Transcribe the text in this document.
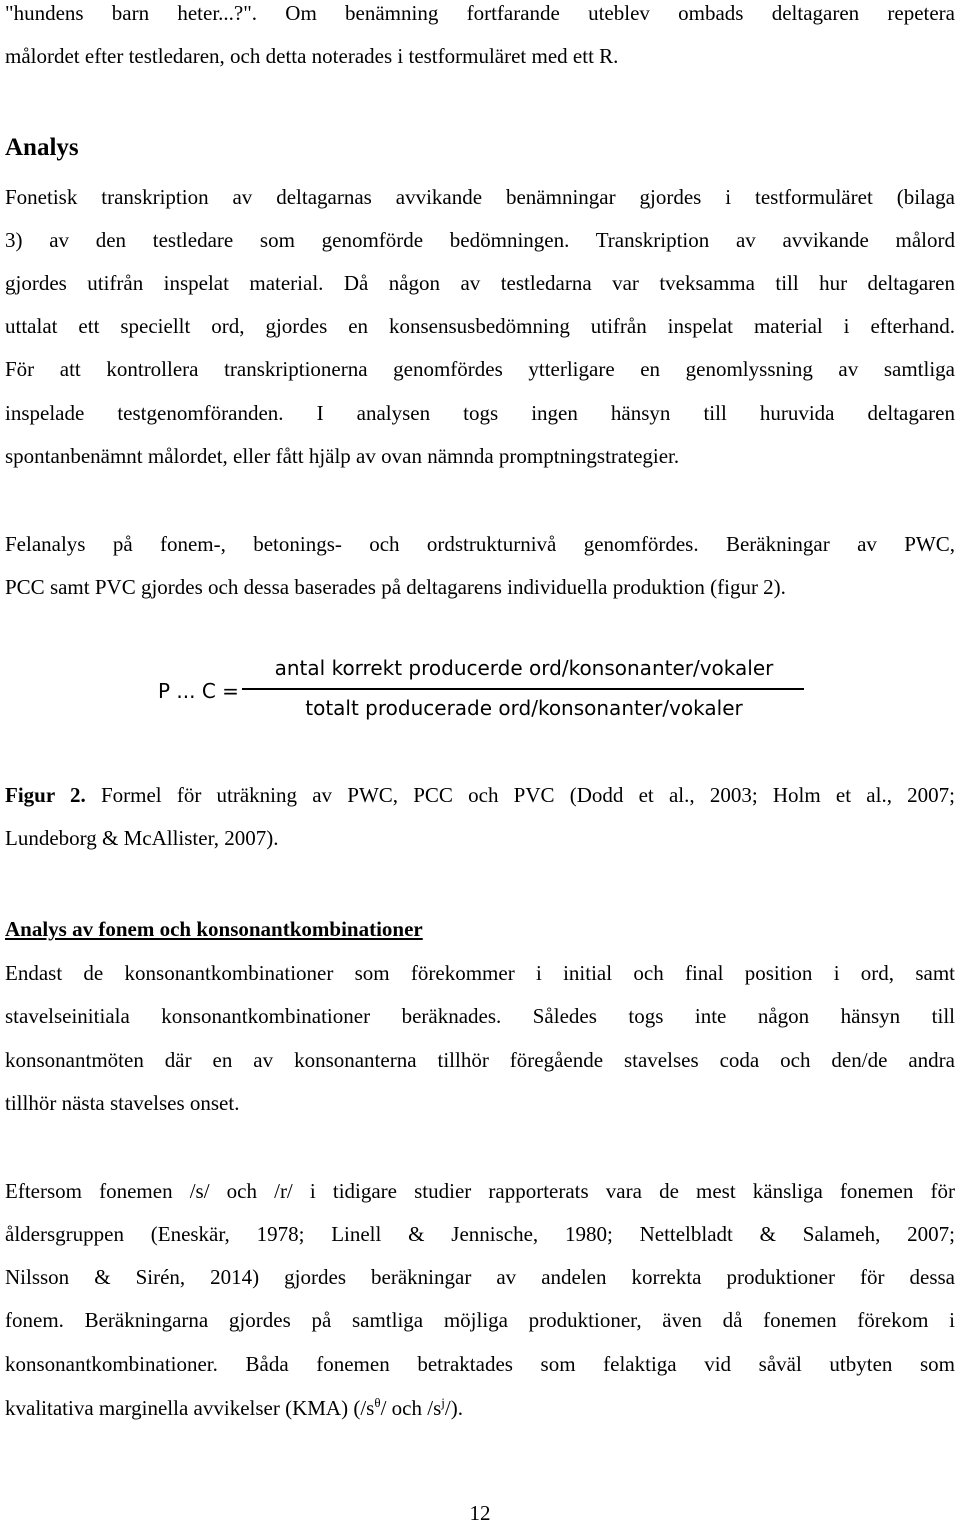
"hundens barn heter...?". Om benämning fortfarande uteblev ombads deltagaren repetera
målordet efter testledaren, och detta noterades i testformuläret med ett R.
Analys
Fonetisk transkription av deltagarnas avvikande benämningar gjordes i testformuläret (bilaga
3) av den testledare som genomförde bedömningen. Transkription av avvikande målord
gjordes utifrån inspelat material. Då någon av testledarna var tveksamma till hur deltagaren
uttalat ett speciellt ord, gjordes en konsensusbedömning utifrån inspelat material i efterhand.
För att kontrollera transkriptionerna genomfördes ytterligare en genomlyssning av samtliga
inspelade testgenomföranden. I analysen togs ingen hänsyn till huruvida deltagaren
spontanbenämnt målordet, eller fått hjälp av ovan nämnda promptningstrategier.
Felanalys på fonem-, betonings- och ordstrukturnivå genomfördes. Beräkningar av PWC,
PCC samt PVC gjordes och dessa baserades på deltagarens individuella produktion (figur 2).
P ... C =
antal korrekt producerde ord/konsonanter/vokaler
totalt producerade ord/konsonanter/vokaler
Figur 2. Formel för uträkning av PWC, PCC och PVC (Dodd et al., 2003; Holm et al., 2007;
Lundeborg & McAllister, 2007).
Analys av fonem och konsonantkombinationer
Endast de konsonantkombinationer som förekommer i initial och final position i ord, samt
stavelseinitiala konsonantkombinationer beräknades. Således togs inte någon hänsyn till
konsonantmöten där en av konsonanterna tillhör föregående stavelses coda och den/de andra
tillhör nästa stavelses onset.
Eftersom fonemen /s/ och /r/ i tidigare studier rapporterats vara de mest känsliga fonemen för
åldersgruppen (Eneskär, 1978; Linell & Jennische, 1980; Nettelbladt & Salameh, 2007;
Nilsson & Sirén, 2014) gjordes beräkningar av andelen korrekta produktioner för dessa
fonem. Beräkningarna gjordes på samtliga möjliga produktioner, även då fonemen förekom i
konsonantkombinationer. Båda fonemen betraktades som felaktiga vid såväl utbyten som
kvalitativa marginella avvikelser (KMA) ($/s^\theta/$ och $/s^j/$).
12
